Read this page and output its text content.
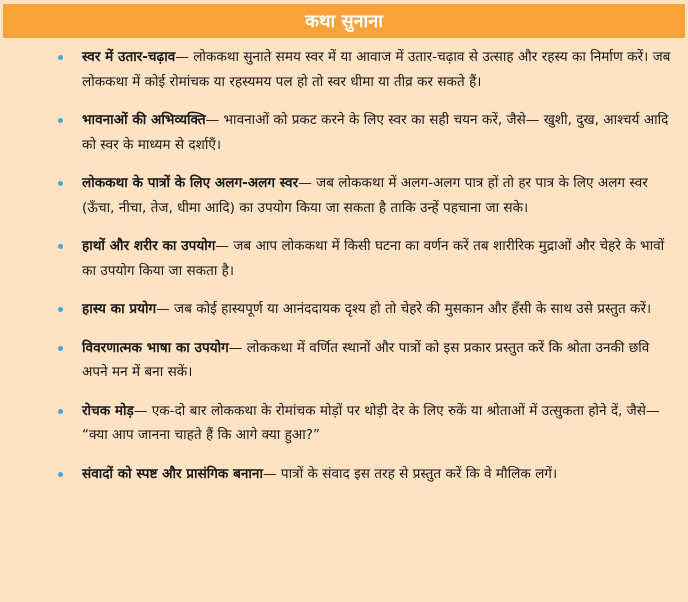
कथा सुनाना
स्वर में उतार-चढ़ाव— लोककथा सुनाते समय स्वर में या आवाज में उतार-चढ़ाव से उत्साह और रहस्य का निर्माण करें। जब लोककथा में कोई रोमांचक या रहस्यमय पल हो तो स्वर धीमा या तीव्र कर सकते हैं।
भावनाओं की अभिव्यक्ति— भावनाओं को प्रकट करने के लिए स्वर का सही चयन करें, जैसे— खुशी, दुख, आश्चर्य आदि को स्वर के माध्यम से दर्शाएँ।
लोककथा के पात्रों के लिए अलग-अलग स्वर— जब लोककथा में अलग-अलग पात्र हों तो हर पात्र के लिए अलग स्वर (ऊँचा, नीचा, तेज, धीमा आदि) का उपयोग किया जा सकता है ताकि उन्हें पहचाना जा सके।
हाथों और शरीर का उपयोग— जब आप लोककथा में किसी घटना का वर्णन करें तब शारीरिक मुद्राओं और चेहरे के भावों का उपयोग किया जा सकता है।
हास्य का प्रयोग— जब कोई हास्यपूर्ण या आनंददायक दृश्य हो तो चेहरे की मुसकान और हँसी के साथ उसे प्रस्तुत करें।
विवरणात्मक भाषा का उपयोग— लोककथा में वर्णित स्थानों और पात्रों को इस प्रकार प्रस्तुत करें कि श्रोता उनकी छवि अपने मन में बना सकें।
रोचक मोड़— एक-दो बार लोककथा के रोमांचक मोड़ों पर थोड़ी देर के लिए रुकें या श्रोताओं में उत्सुकता होने दें, जैसे— “क्या आप जानना चाहते हैं कि आगे क्या हुआ?”
संवादों को स्पष्ट और प्रासंगिक बनाना— पात्रों के संवाद इस तरह से प्रस्तुत करें कि वे मौलिक लगें।
